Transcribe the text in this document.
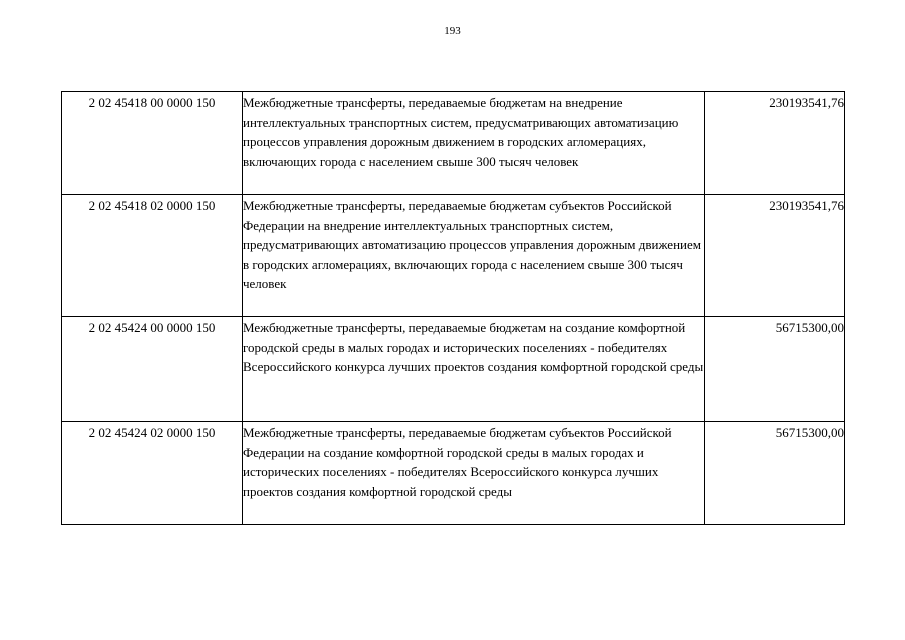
193
2 02 45418 00 0000 150	Межбюджетные трансферты, передаваемые бюджетам на внедрение интеллектуальных транспортных систем, предусматривающих автоматизацию процессов управления дорожным движением в городских агломерациях, включающих города с населением свыше 300 тысяч человек	230193541,76
2 02 45418 02 0000 150	Межбюджетные трансферты, передаваемые бюджетам субъектов Российской Федерации на внедрение интеллектуальных транспортных систем, предусматривающих автоматизацию процессов управления дорожным движением в городских агломерациях, включающих города с населением свыше 300 тысяч человек	230193541,76
2 02 45424 00 0000 150	Межбюджетные трансферты, передаваемые бюджетам на создание комфортной городской среды в малых городах и исторических поселениях - победителях Всероссийского конкурса лучших проектов создания комфортной городской среды	56715300,00
2 02 45424 02 0000 150	Межбюджетные трансферты, передаваемые бюджетам субъектов Российской Федерации на создание комфортной городской среды в малых городах и исторических поселениях - победителях Всероссийского конкурса лучших проектов создания комфортной городской среды	56715300,00
